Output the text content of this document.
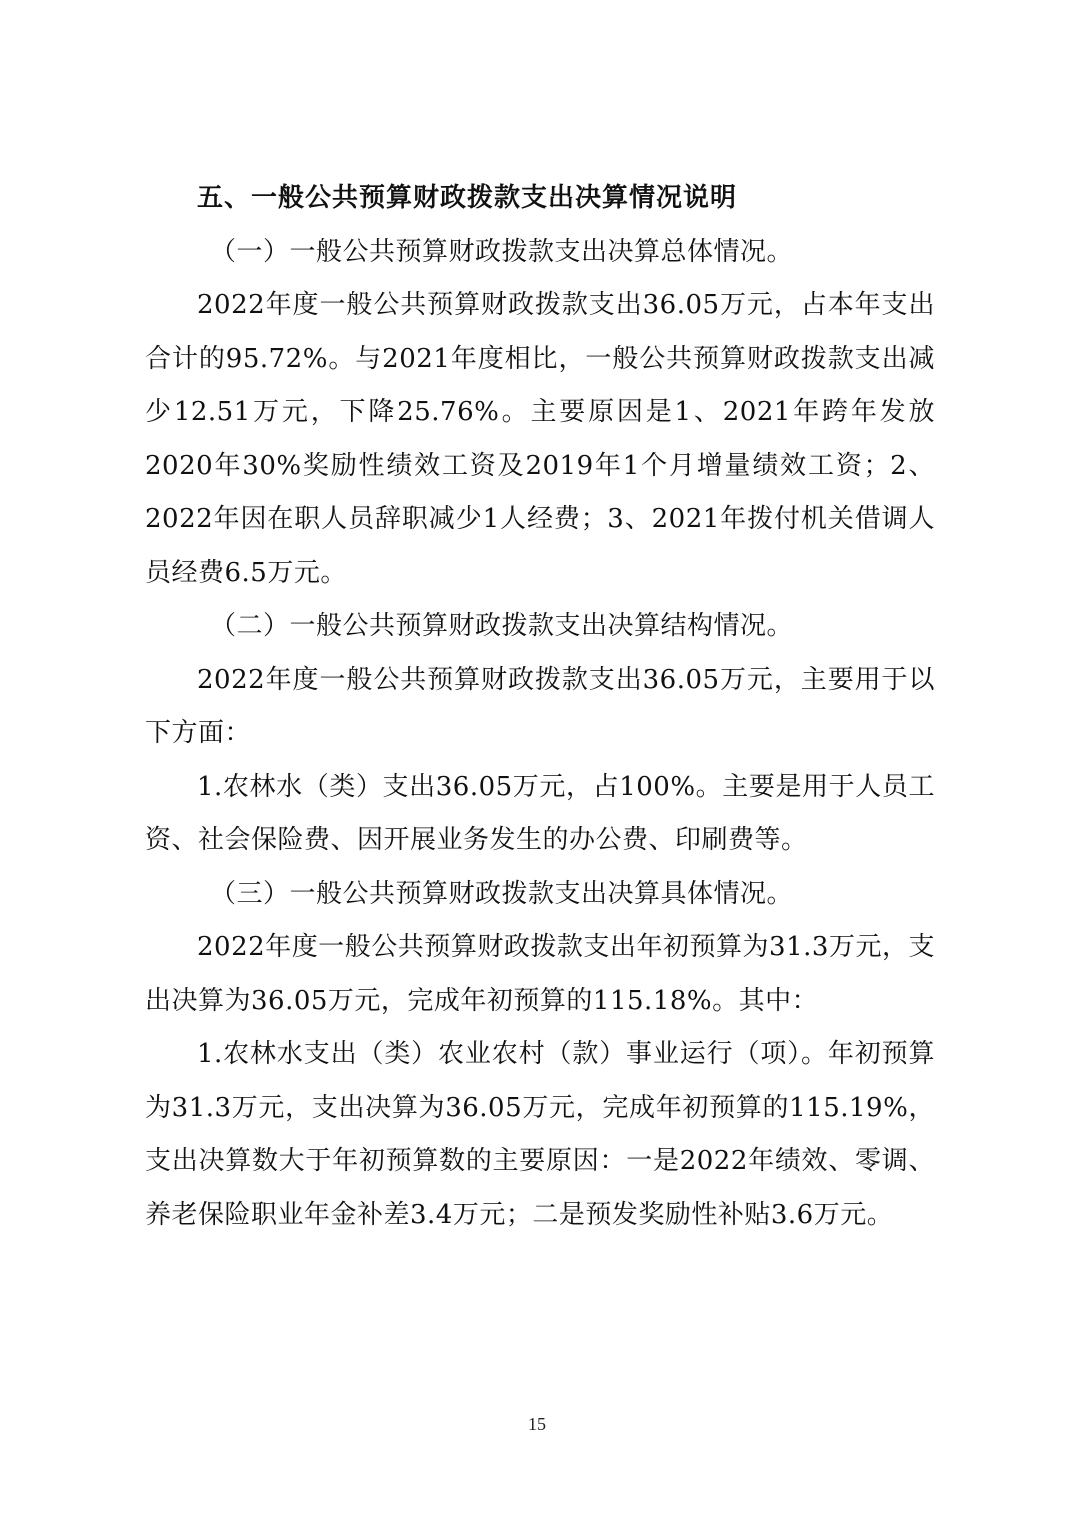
五、一般公共预算财政拨款支出决算情况说明

（一）一般公共预算财政拨款支出决算总体情况。

2022年度一般公共预算财政拨款支出36.05万元，占本年支出合计的95.72%。与2021年度相比，一般公共预算财政拨款支出减少12.51万元，下降25.76%。主要原因是1、2021年跨年发放2020年30%奖励性绩效工资及2019年1个月增量绩效工资；2、2022年因在职人员辞职减少1人经费；3、2021年拨付机关借调人员经费6.5万元。

（二）一般公共预算财政拨款支出决算结构情况。

2022年度一般公共预算财政拨款支出36.05万元，主要用于以下方面：

1.农林水（类）支出36.05万元，占100%。主要是用于人员工资、社会保险费、因开展业务发生的办公费、印刷费等。

（三）一般公共预算财政拨款支出决算具体情况。

2022年度一般公共预算财政拨款支出年初预算为31.3万元，支出决算为36.05万元，完成年初预算的115.18%。其中：

1.农林水支出（类）农业农村（款）事业运行（项）。年初预算为31.3万元，支出决算为36.05万元，完成年初预算的115.19%，支出决算数大于年初预算数的主要原因：一是2022年绩效、零调、养老保险职业年金补差3.4万元；二是预发奖励性补贴3.6万元。

15
